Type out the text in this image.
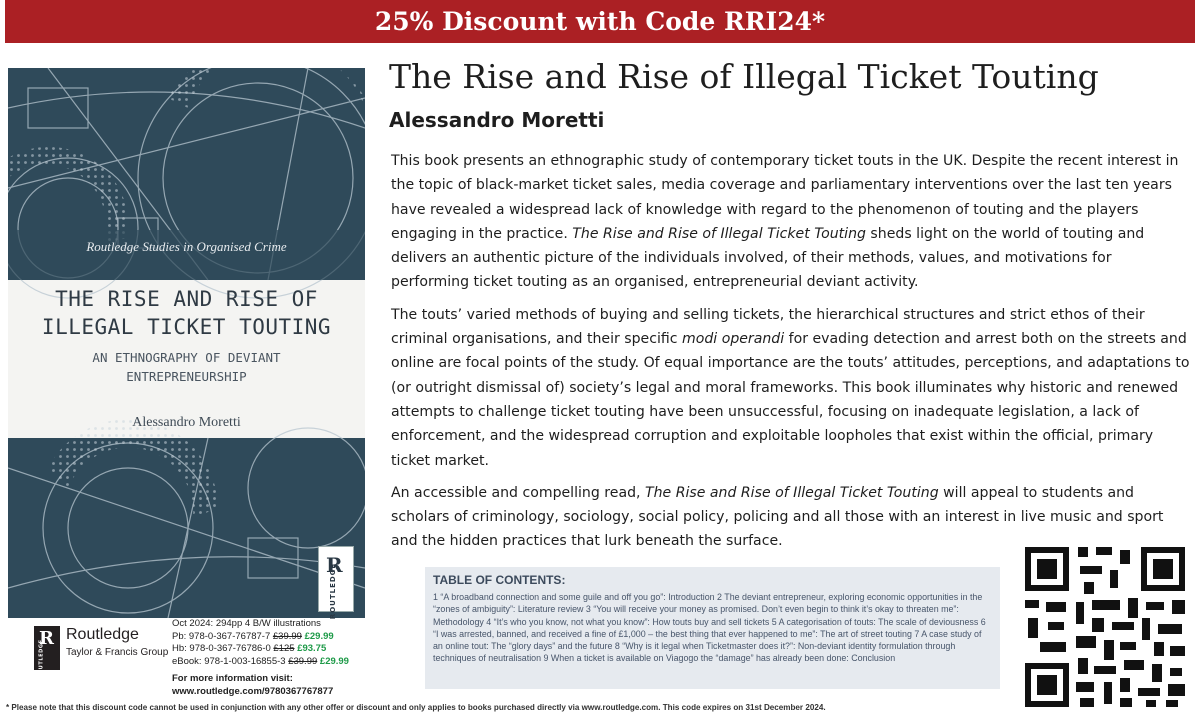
25% Discount with Code RRI24*
Routledge Studies in Organised Crime
THE RISE AND RISE OF
ILLEGAL TICKET TOUTING
AN ETHNOGRAPHY OF DEVIANT
ENTREPRENEURSHIP
Alessandro Moretti
R
ROUTLEDGE
R
ROUTLEDGE
Routledge
Taylor & Francis Group
Oct 2024: 294pp 4 B/W illustrations
Pb: 978-0-367-76787-7 £39.99 £29.99
Hb: 978-0-367-76786-0 £125 £93.75
eBook: 978-1-003-16855-3 £39.99 £29.99
For more information visit:
www.routledge.com/9780367767877
The Rise and Rise of Illegal Ticket Touting
Alessandro Moretti

This book presents an ethnographic study of contemporary ticket touts in the UK. Despite the recent interest in the topic of black-market ticket sales, media coverage and parliamentary interventions over the last ten years have revealed a widespread lack of knowledge with regard to the phenomenon of touting and the players engaging in the practice. The Rise and Rise of Illegal Ticket Touting sheds light on the world of touting and delivers an authentic picture of the individuals involved, of their methods, values, and motivations for performing ticket touting as an organised, entrepreneurial deviant activity.

The touts’ varied methods of buying and selling tickets, the hierarchical structures and strict ethos of their criminal organisations, and their specific modi operandi for evading detection and arrest both on the streets and online are focal points of the study. Of equal importance are the touts’ attitudes, perceptions, and adaptations to (or outright dismissal of) society’s legal and moral frameworks. This book illuminates why historic and renewed attempts to challenge ticket touting have been unsuccessful, focusing on inadequate legislation, a lack of enforcement, and the widespread corruption and exploitable loopholes that exist within the official, primary ticket market.

An accessible and compelling read, The Rise and Rise of Illegal Ticket Touting will appeal to students and scholars of criminology, sociology, social policy, policing and all those with an interest in live music and sport and the hidden practices that lurk beneath the surface.

TABLE OF CONTENTS:
1 “A broadband connection and some guile and off you go”: Introduction 2 The deviant entrepreneur, exploring economic opportunities in the “zones of ambiguity”: Literature review 3 “You will receive your money as promised. Don’t even begin to think it’s okay to threaten me”: Methodology 4 “It’s who you know, not what you know”: How touts buy and sell tickets 5 A categorisation of touts: The scale of deviousness 6 “I was arrested, banned, and received a fine of £1,000 – the best thing that ever happened to me”: The art of street touting 7 A case study of an online tout: The “glory days” and the future 8 “Why is it legal when Ticketmaster does it?”: Non-deviant identity formulation through techniques of neutralisation 9 When a ticket is available on Viagogo the “damage” has already been done: Conclusion
* Please note that this discount code cannot be used in conjunction with any other offer or discount and only applies to books purchased directly via www.routledge.com. This code expires on 31st December 2024.
